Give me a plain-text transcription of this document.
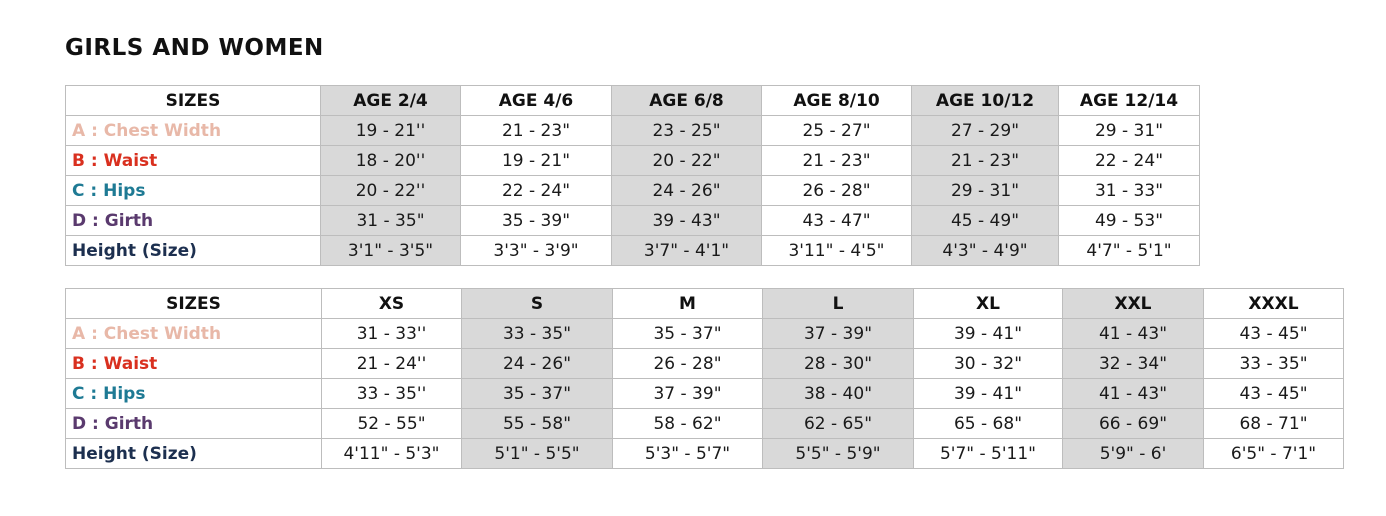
GIRLS AND WOMEN
SIZES	AGE 2/4	AGE 4/6	AGE 6/8	AGE 8/10	AGE 10/12	AGE 12/14
A : Chest Width	19 - 21''	21 - 23"	23 - 25"	25 - 27"	27 - 29"	29 - 31"
B : Waist	18 - 20''	19 - 21"	20 - 22"	21 - 23"	21 - 23"	22 - 24"
C : Hips	20 - 22''	22 - 24"	24 - 26"	26 - 28"	29 - 31"	31 - 33"
D : Girth	31 - 35"	35 - 39"	39 - 43"	43 - 47"	45 - 49"	49 - 53"
Height (Size)	3'1" - 3'5"	3'3" - 3'9"	3'7" - 4'1"	3'11" - 4'5"	4'3" - 4'9"	4'7" - 5'1"
SIZES	XS	S	M	L	XL	XXL	XXXL
A : Chest Width	31 - 33''	33 - 35"	35 - 37"	37 - 39"	39 - 41"	41 - 43"	43 - 45"
B : Waist	21 - 24''	24 - 26"	26 - 28"	28 - 30"	30 - 32"	32 - 34"	33 - 35"
C : Hips	33 - 35''	35 - 37"	37 - 39"	38 - 40"	39 - 41"	41 - 43"	43 - 45"
D : Girth	52 - 55"	55 - 58"	58 - 62"	62 - 65"	65 - 68"	66 - 69"	68 - 71"
Height (Size)	4'11" - 5'3"	5'1" - 5'5"	5'3" - 5'7"	5'5" - 5'9"	5'7" - 5'11"	5'9" - 6'	6'5" - 7'1"
